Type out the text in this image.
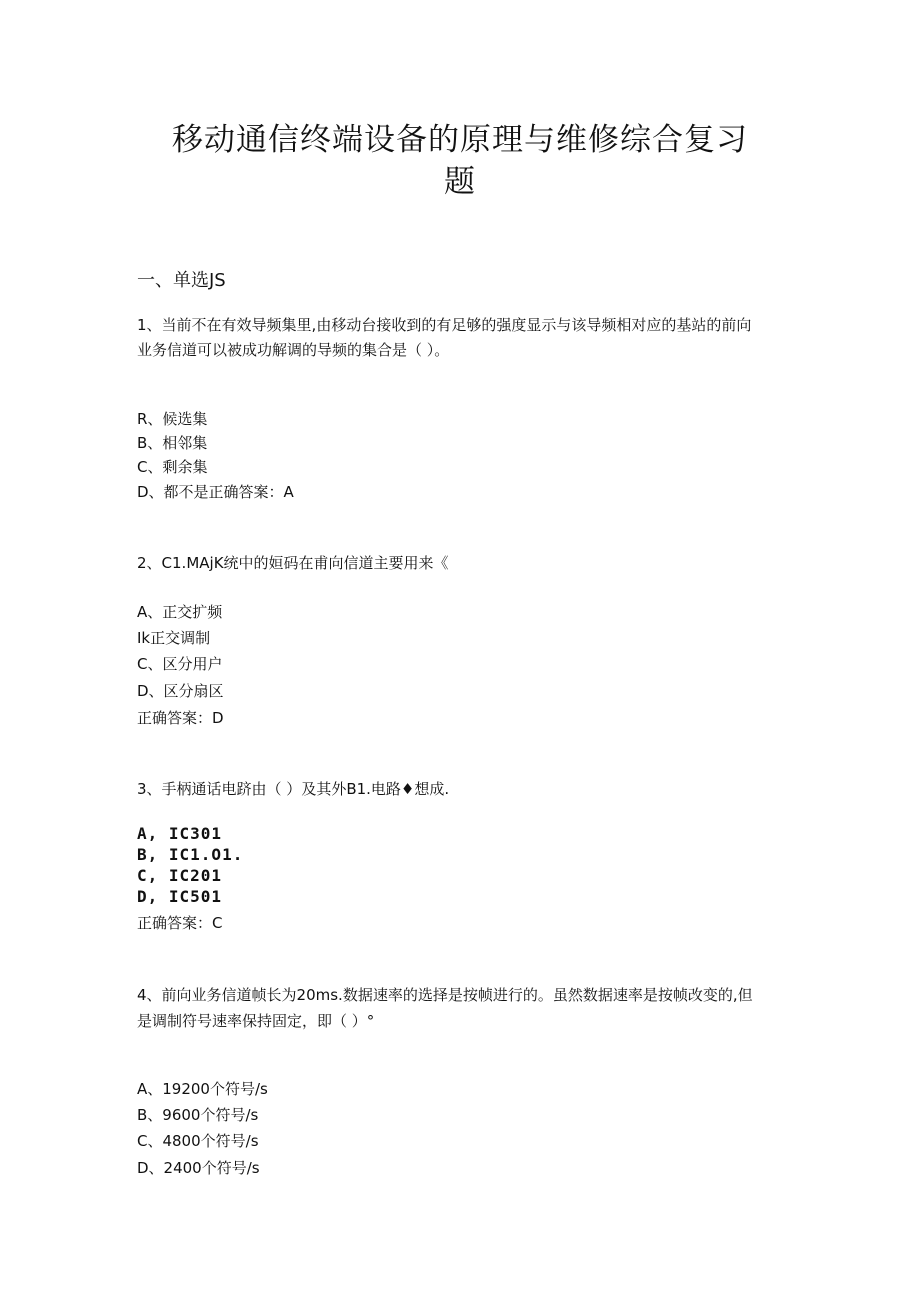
移动通信终端设备的原理与维修综合复习
题
一、单选JS

1、当前不在有效导频集里,由移动台接收到的有足够的强度显示与该导频相对应的基站的前向

业务信道可以被成功解调的导频的集合是（ ）。

R、候选集

B、相邻集

C、剩余集

D、都不是正确答案：A

2、C1.MAjK统中的姮码在甫向信道主要用来《

A、正交扩频

Ik正交调制

C、区分用户

D、区分扇区

正确答案：D

3、手柄通话电跻由（ ）及其外B1.电路♦想成.

A, IC301

B, IC1.O1.

C, IC201

D, IC501

正确答案：C

4、前向业务信道帧长为20ms.数据速率的选择是按帧进行的。虽然数据速率是按帧改变的,但

是调制符号速率保持固定，即（ ）°

A、19200个符号/s

B、9600个符号/s

C、4800个符号/s

D、2400个符号/s
